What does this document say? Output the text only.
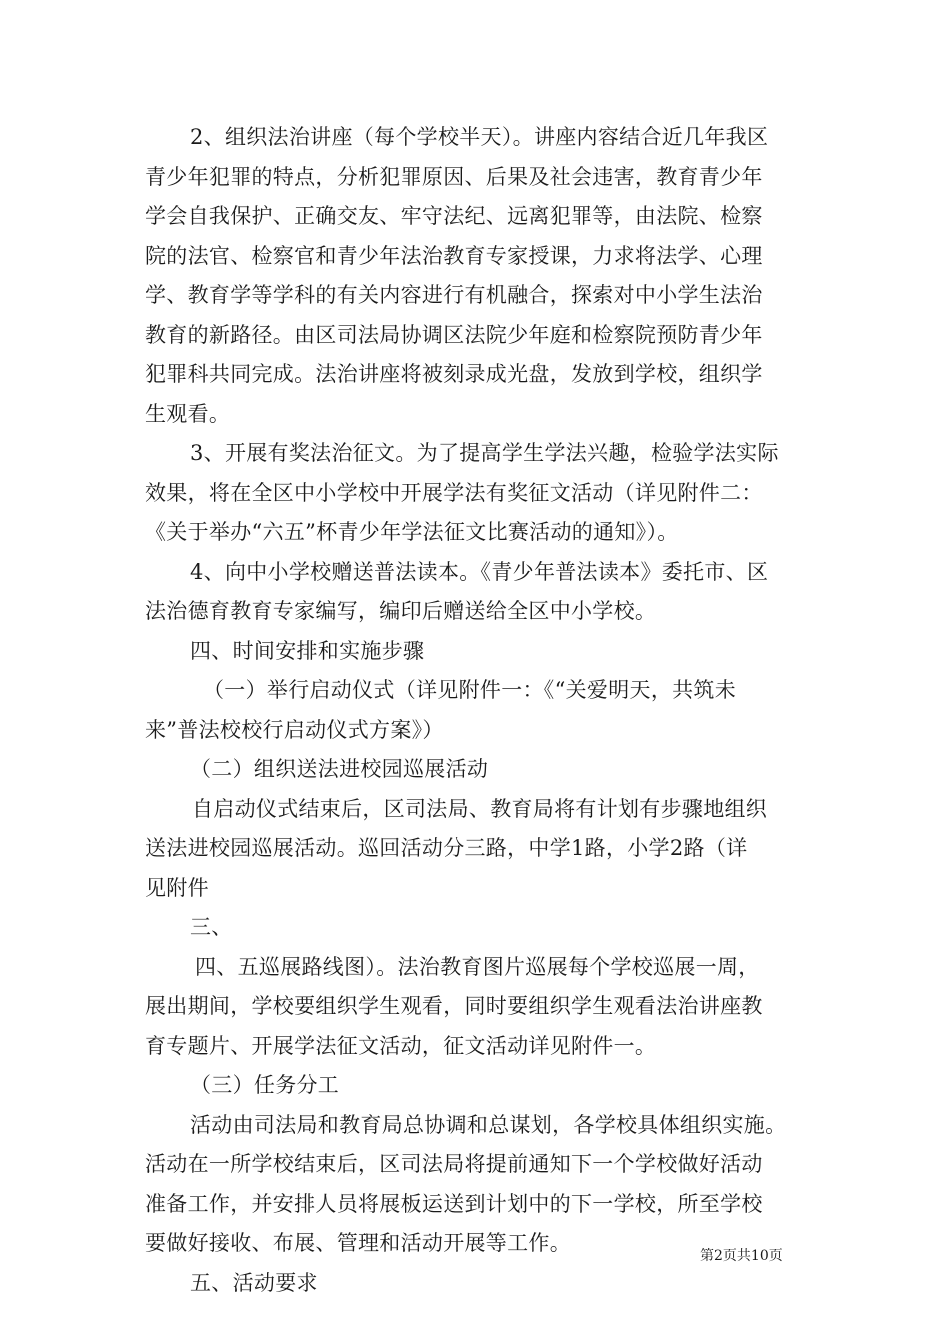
2、组织法治讲座（每个学校半天）。讲座内容结合近几年我区
青少年犯罪的特点，分析犯罪原因、后果及社会违害，教育青少年
学会自我保护、正确交友、牢守法纪、远离犯罪等，由法院、检察
院的法官、检察官和青少年法治教育专家授课，力求将法学、心理
学、教育学等学科的有关内容进行有机融合，探索对中小学生法治
教育的新路径。由区司法局协调区法院少年庭和检察院预防青少年
犯罪科共同完成。法治讲座将被刻录成光盘，发放到学校，组织学
生观看。
3、开展有奖法治征文。为了提高学生学法兴趣，检验学法实际
效果，将在全区中小学校中开展学法有奖征文活动（详见附件二：
《关于举办“六五”杯青少年学法征文比赛活动的通知》）。
4、向中小学校赠送普法读本。《青少年普法读本》委托市、区
法治德育教育专家编写，编印后赠送给全区中小学校。
四、时间安排和实施步骤
（一）举行启动仪式（详见附件一：《“关爱明天，共筑未
来”普法校校行启动仪式方案》）
（二）组织送法进校园巡展活动
自启动仪式结束后，区司法局、教育局将有计划有步骤地组织
送法进校园巡展活动。巡回活动分三路，中学1路，小学2路（详
见附件
三、
四、五巡展路线图）。法治教育图片巡展每个学校巡展一周，
展出期间，学校要组织学生观看，同时要组织学生观看法治讲座教
育专题片、开展学法征文活动，征文活动详见附件一。
（三）任务分工
活动由司法局和教育局总协调和总谋划，各学校具体组织实施。
活动在一所学校结束后，区司法局将提前通知下一个学校做好活动
准备工作，并安排人员将展板运送到计划中的下一学校，所至学校
要做好接收、布展、管理和活动开展等工作。
五、活动要求
第2页共10页
